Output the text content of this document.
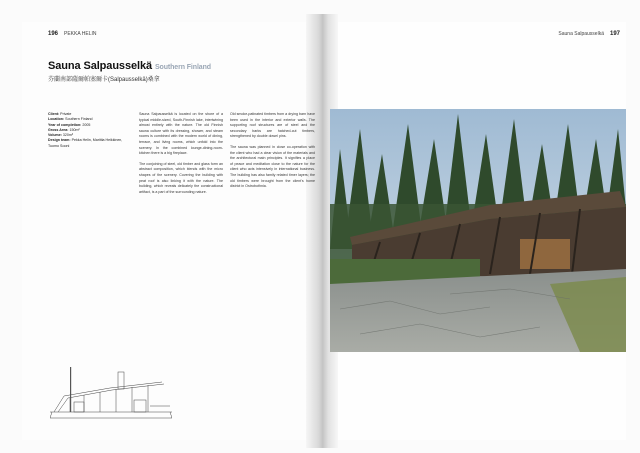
196 PEKKA HELIN	Sauna Salpausselkä 197
Sauna Salpausselkä Southern Finland
芬蘭南部薩爾帕塞爾卡(Salpausselkä)桑拿
Client: Private
Location: Southern Finland
Year of completion: 2005
Gross Area: 150m²
Volume: 320m³
Design team: Pekka Helin, Marittia Heikkinen, Tuomo Sooni

Sauna Salpausselkä is located on the shore of a typical middle-sized, South-Finnish lake, intertwining almost entirely with the nature. The old Finnish sauna culture with its dressing, shower, and steam rooms is combined with the modern world of dining, terrace, and living rooms, which unfold into the scenery. In the combined lounge-dining-room-kitchen there is a big fireplace.

The conjoining of steel, old timber and glass form an abstract composition, which blends with the micro shapes of the scenery. Covering the building with peat roof is also linking it with the nature. The building, which reveals delicately the constructional artifact, is a part of the surrounding nature.

Old smoke-patinated timbers from a drying barn have been used in the interior and exterior walls. The supporting roof structures are of steel and the secondary barks are hatched-cut timbers, strengthened by double dowel pins.

The sauna was planned in close co-operation with the client who had a clear vision of the materials and the architectural main principles. It signifies a place of peace and meditation close to the nature for the client who acts intensively in international business. The building has also family related timer layers; the old timbers were brought from the client's home district in Ostrobothnia.
